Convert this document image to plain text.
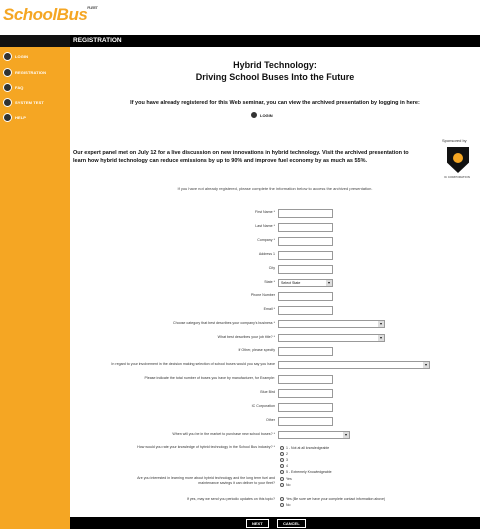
SchoolBus$^{FLEET}$
LOGIN
REGISTRATION
FAQ
SYSTEM TEST
HELP
REGISTRATION
Hybrid Technology:
Driving School Buses Into the Future
If you have already registered for this Web seminar, you can view the archived presentation by logging in here:
LOGIN
Sponsored by
IC CORPORATION
Our expert panel met on July 12 for a live discussion on new innovations in hybrid technology. Visit the archived presentation to learn how hybrid technology can reduce emissions by up to 90% and improve fuel economy by as much as 55%.
If you have not already registered, please complete the information below to access the archived presentation.
First Name *
Last Name *
Company *
Address 1
City
State *	Select State	▾
Phone Number
Email *
Choose category that best describes your company's business *	▾
What best describes your job title? *	▾
If Other, please specify
In regard to your involvement in the decision making selection of school buses would you say you have	▾
Please indicate the total number of buses you have by manufacturer, for Example:
Blue Bird
IC Corporation
Other
When will you be in the market to purchase new school buses? *	▾
How would you rate your knowledge of hybrid technology in the School Bus industry? *	1 - Not at all knowledgeable
2
3
4
5 - Extremely Knowledgeable
Are you interested in learning more about hybrid technology and the long term fuel and maintenance savings it can deliver to your fleet?
Yes
No
If yes, may we send you periodic updates on this topic?	Yes (Be sure we have your complete contact information above)
No
NEXT	CANCEL
